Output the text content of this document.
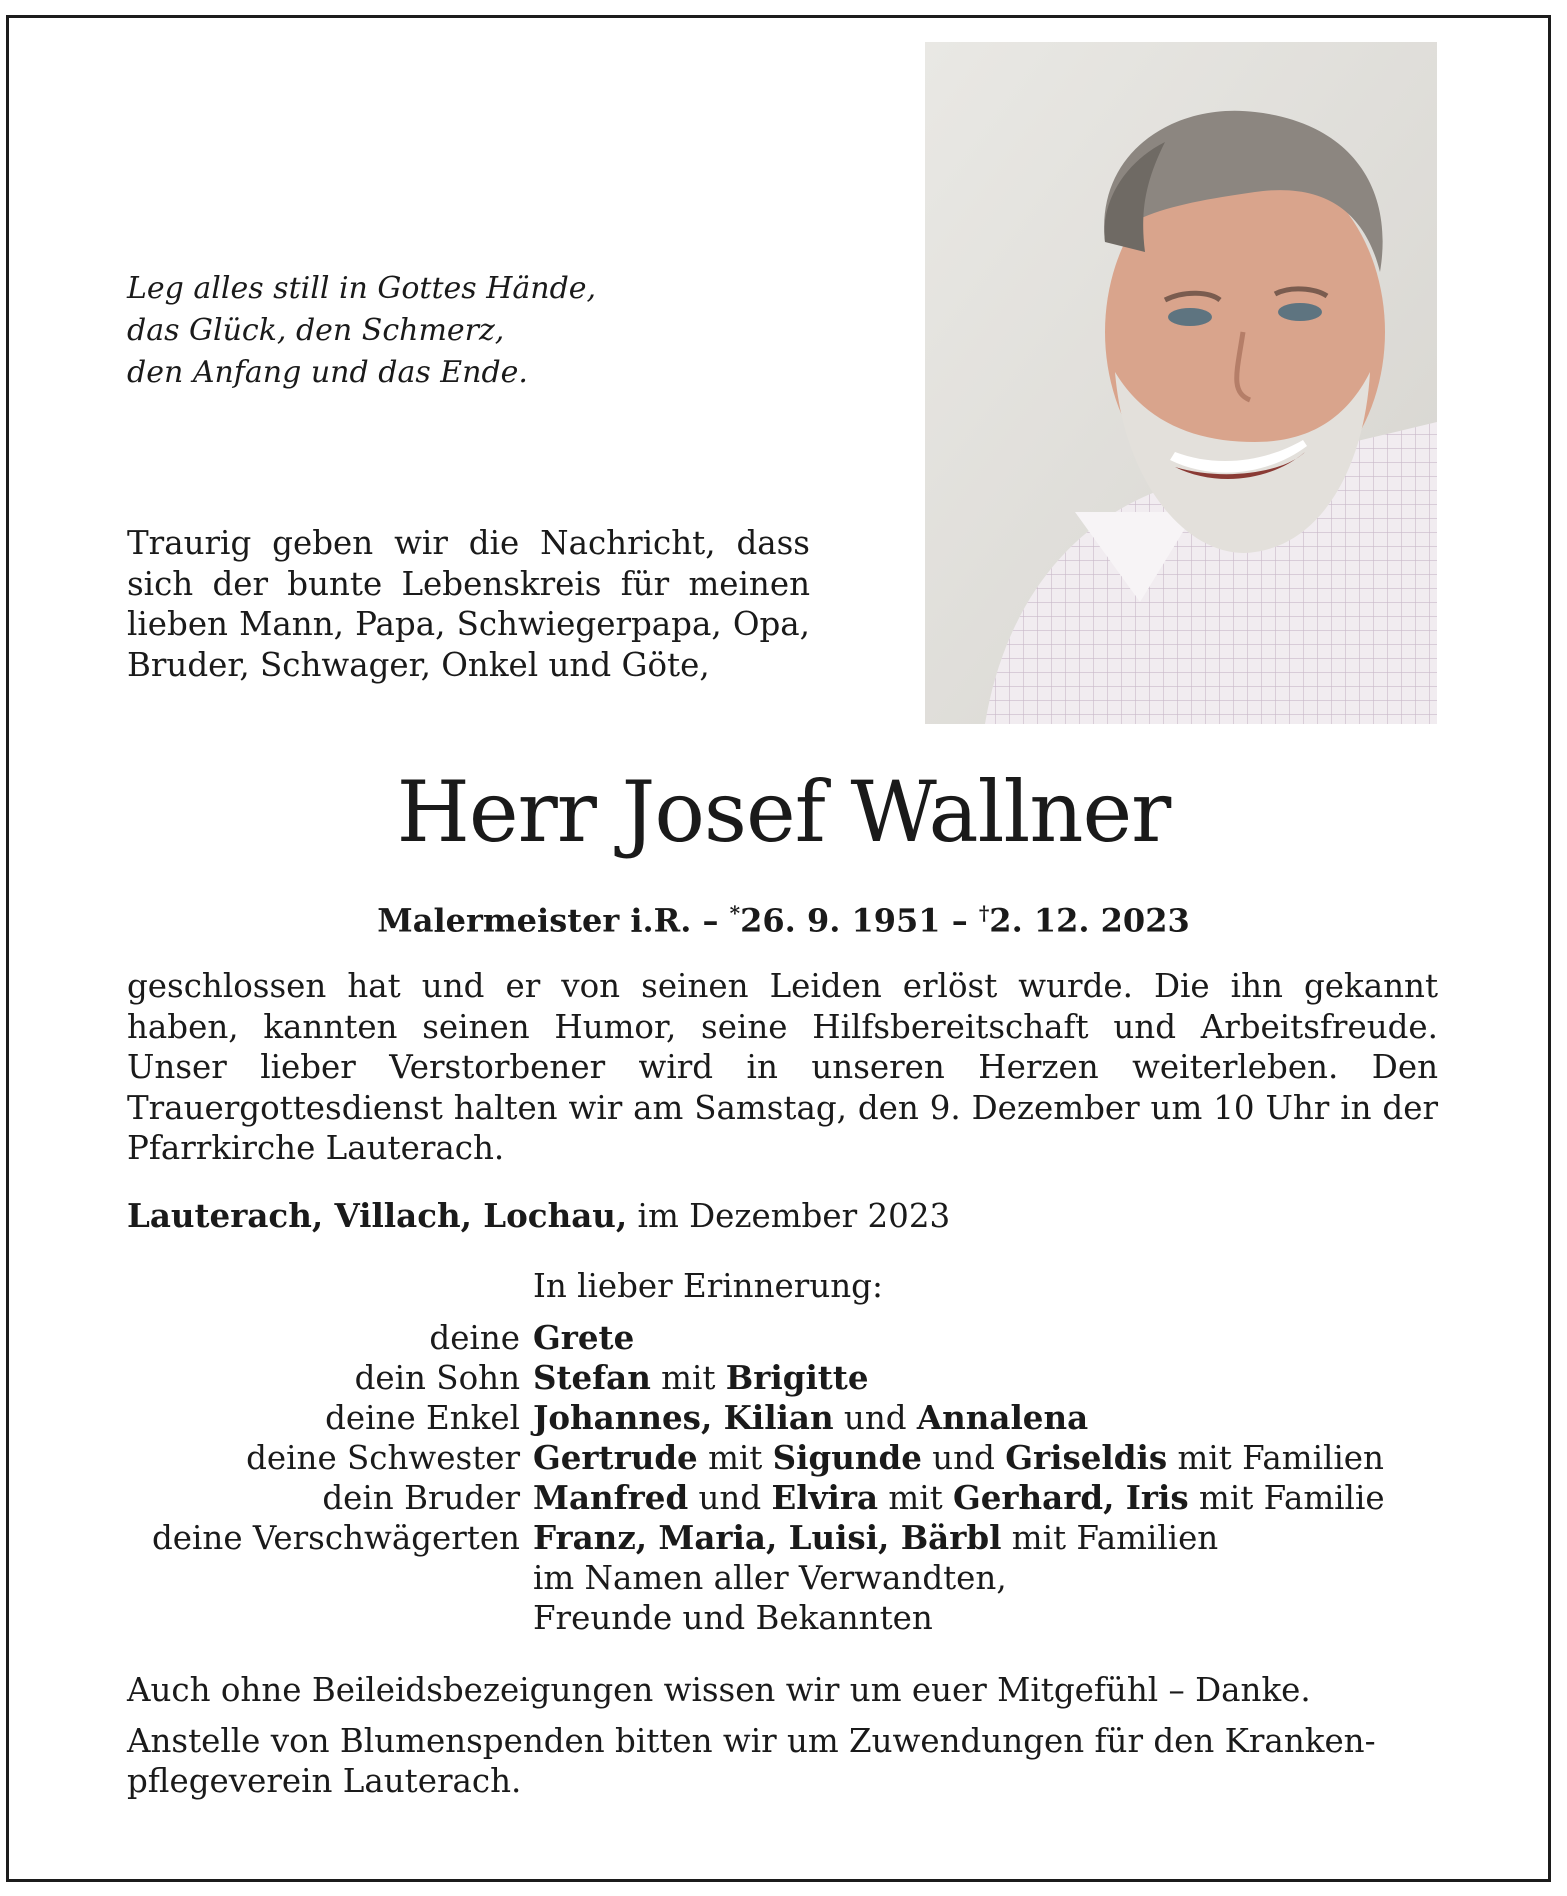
Leg alles still in Gottes Hände,
das Glück, den Schmerz,
den Anfang und das Ende.
Traurig geben wir die Nachricht, dass sich der bunte Lebenskreis für meinen lieben Mann, Papa, Schwiegerpapa, Opa, Bruder, Schwager, Onkel und Göte,
Herr Josef Wallner
Malermeister i.R. – *26. 9. 1951 – †2. 12. 2023
geschlossen hat und er von seinen Leiden erlöst wurde. Die ihn gekannt haben, kannten seinen Humor, seine Hilfsbereitschaft und Arbeitsfreude. Unser lieber Verstorbener wird in unseren Herzen weiterleben. Den Trauergottesdienst halten wir am Samstag, den 9. Dezember um 10 Uhr in der Pfarrkirche Lauterach.
Lauterach, Villach, Lochau, im Dezember 2023
In lieber Erinnerung:
deine Grete
dein Sohn Stefan mit Brigitte
deine Enkel Johannes, Kilian und Annalena
deine Schwester Gertrude mit Sigunde und Griseldis mit Familien
dein Bruder Manfred und Elvira mit Gerhard, Iris mit Familie
deine Verschwägerten Franz, Maria, Luisi, Bärbl mit Familien
im Namen aller Verwandten,
Freunde und Bekannten
Auch ohne Beileidsbezeigungen wissen wir um euer Mitgefühl – Danke.
Anstelle von Blumenspenden bitten wir um Zuwendungen für den Kranken-
pflegeverein Lauterach.
